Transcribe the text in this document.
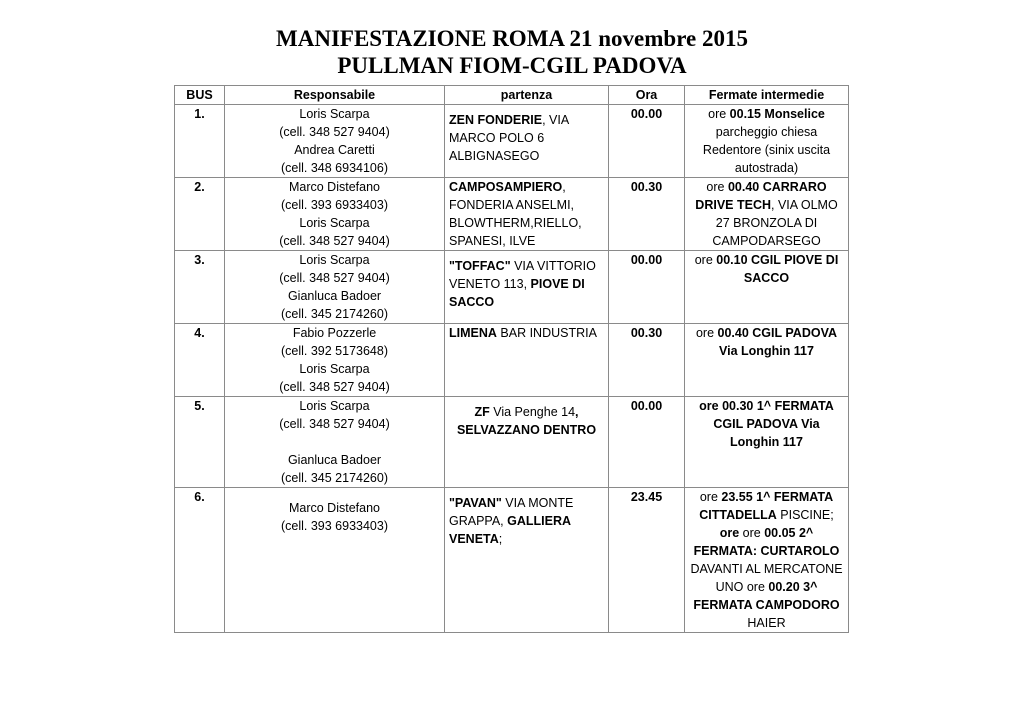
MANIFESTAZIONE ROMA 21 novembre 2015
PULLMAN FIOM-CGIL PADOVA
BUS	Responsabile	partenza	Ora	Fermate intermedie
1.	Loris Scarpa
(cell. 348 527 9404)
Andrea Caretti
(cell. 348 6934106)	ZEN FONDERIE, VIA MARCO POLO 6 ALBIGNASEGO	00.00	ore 00.15 Monselice parcheggio chiesa Redentore (sinix uscita autostrada)
2.	Marco Distefano
(cell. 393 6933403)
Loris Scarpa
(cell. 348 527 9404)	CAMPOSAMPIERO, FONDERIA ANSELMI, BLOWTHERM,RIELLO, SPANESI, ILVE	00.30	ore 00.40 CARRARO DRIVE TECH, VIA OLMO 27 BRONZOLA DI CAMPODARSEGO
3.	Loris Scarpa
(cell. 348 527 9404)
Gianluca Badoer
(cell. 345 2174260)	"TOFFAC" VIA VITTORIO VENETO 113, PIOVE DI SACCO	00.00	ore 00.10 CGIL PIOVE DI SACCO
4.	Fabio Pozzerle
(cell. 392 5173648)
Loris Scarpa
(cell. 348 527 9404)	LIMENA BAR INDUSTRIA	00.30	ore 00.40 CGIL PADOVA Via Longhin 117
5.	Loris Scarpa
(cell. 348 527 9404)
Gianluca Badoer
(cell. 345 2174260)	ZF Via Penghe 14, SELVAZZANO DENTRO	00.00	ore 00.30 1^ FERMATA CGIL PADOVA Via Longhin 117
6.	Marco Distefano
(cell. 393 6933403)	"PAVAN" VIA MONTE GRAPPA, GALLIERA VENETA;	23.45	ore 23.55 1^ FERMATA CITTADELLA PISCINE; ore ore 00.05 2^ FERMATA: CURTAROLO DAVANTI AL MERCATONE UNO ore 00.20 3^ FERMATA CAMPODORO HAIER
